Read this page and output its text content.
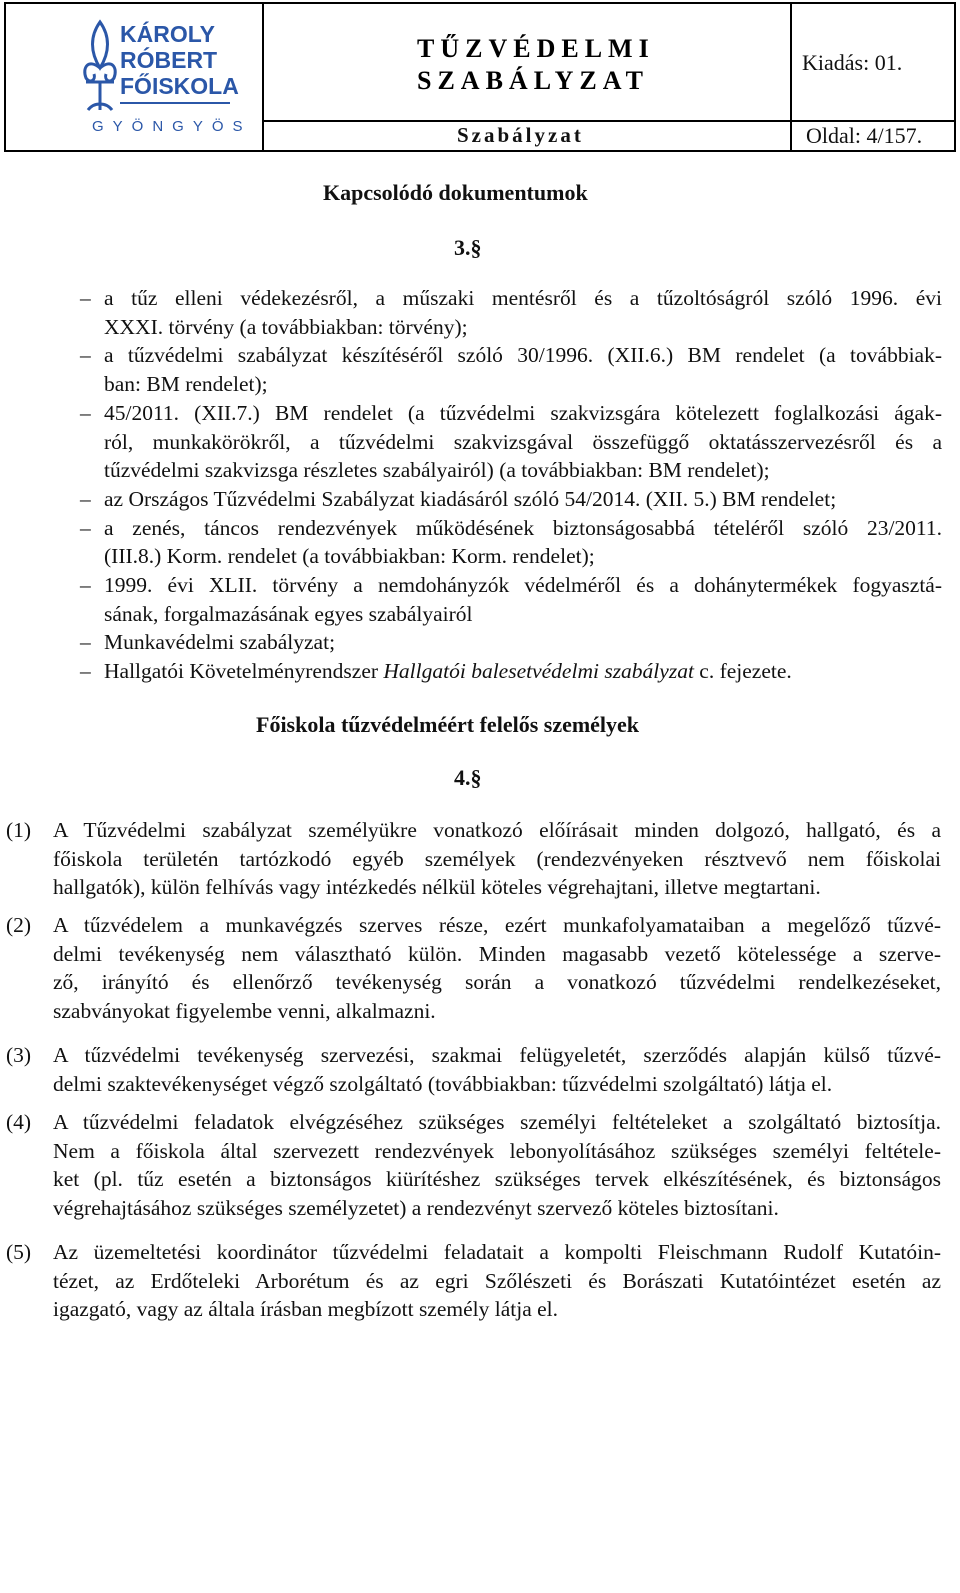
KÁROLY
RÓBERT
FŐISKOLA
GYÖNGYÖS
TŰZVÉDELMI
SZABÁLYZAT
Kiadás: 01.
Szabályzat	Oldal: 4/157.
Kapcsolódó dokumentumok
3.§
– a tűz elleni védekezésről, a műszaki mentésről és a tűzoltóságról szóló 1996. évi
XXXI. törvény (a továbbiakban: törvény);
– a tűzvédelmi szabályzat készítéséről szóló 30/1996. (XII.6.) BM rendelet (a továbbiak-
ban: BM rendelet);
– 45/2011. (XII.7.) BM rendelet (a tűzvédelmi szakvizsgára kötelezett foglalkozási ágak-
ról, munkakörökről, a tűzvédelmi szakvizsgával összefüggő oktatásszervezésről és a
tűzvédelmi szakvizsga részletes szabályairól) (a továbbiakban: BM rendelet);
– az Országos Tűzvédelmi Szabályzat kiadásáról szóló 54/2014. (XII. 5.) BM rendelet;
– a zenés, táncos rendezvények működésének biztonságosabbá tételéről szóló 23/2011.
(III.8.) Korm. rendelet (a továbbiakban: Korm. rendelet);
– 1999. évi XLII. törvény a nemdohányzók védelméről és a dohánytermékek fogyasztá-
sának, forgalmazásának egyes szabályairól
– Munkavédelmi szabályzat;
– Hallgatói Követelményrendszer Hallgatói balesetvédelmi szabályzat c. fejezete.
Főiskola tűzvédelméért felelős személyek
4.§
(1) A Tűzvédelmi szabályzat személyükre vonatkozó előírásait minden dolgozó, hallgató, és a
főiskola területén tartózkodó egyéb személyek (rendezvényeken résztvevő nem főiskolai
hallgatók), külön felhívás vagy intézkedés nélkül köteles végrehajtani, illetve megtartani.
(2) A tűzvédelem a munkavégzés szerves része, ezért munkafolyamataiban a megelőző tűzvé-
delmi tevékenység nem választható külön. Minden magasabb vezető kötelessége a szerve-
ző, irányító és ellenőrző tevékenység során a vonatkozó tűzvédelmi rendelkezéseket,
szabványokat figyelembe venni, alkalmazni.
(3) A tűzvédelmi tevékenység szervezési, szakmai felügyeletét, szerződés alapján külső tűzvé-
delmi szaktevékenységet végző szolgáltató (továbbiakban: tűzvédelmi szolgáltató) látja el.
(4) A tűzvédelmi feladatok elvégzéséhez szükséges személyi feltételeket a szolgáltató biztosítja.
Nem a főiskola által szervezett rendezvények lebonyolításához szükséges személyi feltétele-
ket (pl. tűz esetén a biztonságos kiürítéshez szükséges tervek elkészítésének, és biztonságos
végrehajtásához szükséges személyzetet) a rendezvényt szervező köteles biztosítani.
(5) Az üzemeltetési koordinátor tűzvédelmi feladatait a kompolti Fleischmann Rudolf Kutatóin-
tézet, az Erdőteleki Arborétum és az egri Szőlészeti és Borászati Kutatóintézet esetén az
igazgató, vagy az általa írásban megbízott személy látja el.
